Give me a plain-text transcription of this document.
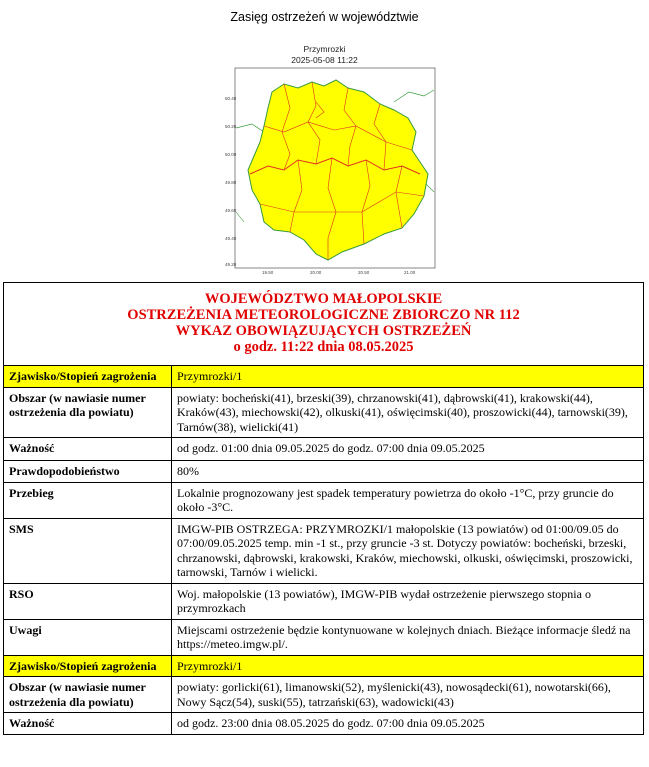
Zasięg ostrzeżeń w województwie
Przymrozki
2025-05-08 11:22
50.40
50.20
50.00
49.80
49.60
49.40
49.20
19.50	20.00	20.50	21.00
WOJEWÓDZTWO MAŁOPOLSKIE
OSTRZEŻENIA METEOROLOGICZNE ZBIORCZO NR 112
WYKAZ OBOWIĄZUJĄCYCH OSTRZEŻEŃ
o godz. 11:22 dnia 08.05.2025
Zjawisko/Stopień zagrożenia	Przymrozki/1
Obszar (w nawiasie numer ostrzeżenia dla powiatu)	powiaty: bocheński(41), brzeski(39), chrzanowski(41), dąbrowski(41), krakowski(44), Kraków(43), miechowski(42), olkuski(41), oświęcimski(40), proszowicki(44), tarnowski(39), Tarnów(38), wielicki(41)
Ważność	od godz. 01:00 dnia 09.05.2025 do godz. 07:00 dnia 09.05.2025
Prawdopodobieństwo	80%
Przebieg	Lokalnie prognozowany jest spadek temperatury powietrza do około -1°C, przy gruncie do około -3°C.
SMS	IMGW-PIB OSTRZEGA: PRZYMROZKI/1 małopolskie (13 powiatów) od 01:00/09.05 do 07:00/09.05.2025 temp. min -1 st., przy gruncie -3 st. Dotyczy powiatów: bocheński, brzeski, chrzanowski, dąbrowski, krakowski, Kraków, miechowski, olkuski, oświęcimski, proszowicki, tarnowski, Tarnów i wielicki.
RSO	Woj. małopolskie (13 powiatów), IMGW-PIB wydał ostrzeżenie pierwszego stopnia o przymrozkach
Uwagi	Miejscami ostrzeżenie będzie kontynuowane w kolejnych dniach. Bieżące informacje śledź na https://meteo.imgw.pl/.
Zjawisko/Stopień zagrożenia	Przymrozki/1
Obszar (w nawiasie numer ostrzeżenia dla powiatu)	powiaty: gorlicki(61), limanowski(52), myślenicki(43), nowosądecki(61), nowotarski(66), Nowy Sącz(54), suski(55), tatrzański(63), wadowicki(43)
Ważność	od godz. 23:00 dnia 08.05.2025 do godz. 07:00 dnia 09.05.2025
